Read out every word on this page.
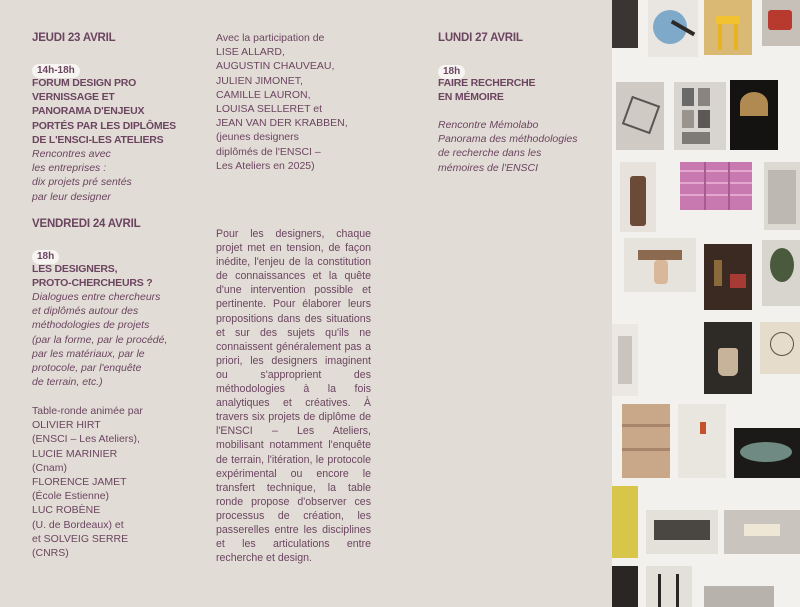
JEUDI 23 AVRIL
14h-18h
FORUM DESIGN PRO
VERNISSAGE ET
PANORAMA D'ENJEUX
PORTÉS PAR LES DIPLÔMES
DE L'ENSCI-LES ATELIERS
Rencontres avec
les entreprises :
dix projets pré sentés
par leur designer
VENDREDI 24 AVRIL
18h
LES DESIGNERS,
PROTO-CHERCHEURS ?
Dialogues entre chercheurs
et diplômés autour des
méthodologies de projets
(par la forme, par le procédé,
par les matériaux, par le
protocole, par l'enquête
de terrain, etc.)
Table-ronde animée par
OLIVIER HIRT
(ENSCI – Les Ateliers),
LUCIE MARINIER
(Cnam)
FLORENCE JAMET
(École Estienne)
LUC ROBÈNE
(U. de Bordeaux) et
et SOLVEIG SERRE
(CNRS)
Avec la participation de
LISE ALLARD,
AUGUSTIN CHAUVEAU,
JULIEN JIMONET,
CAMILLE LAURON,
LOUISA SELLERET et
JEAN VAN DER KRABBEN,
(jeunes designers
diplômés de l'ENSCI –
Les Ateliers en 2025)
Pour les designers, chaque projet met en tension, de façon inédite, l'enjeu de la constitution de connaissances et la quête d'une intervention possible et pertinente. Pour élaborer leurs propositions dans des situations et sur des sujets qu'ils ne connaissent généralement pas a priori, les designers imaginent ou s'approprient des méthodologies à la fois analytiques et créatives. À travers six projets de diplôme de l'ENSCI – Les Ateliers, mobilisant notamment l'enquête de terrain, l'itération, le protocole expérimental ou encore le transfert technique, la table ronde propose d'observer ces processus de création, les passerelles entre les disciplines et les articulations entre recherche et design.
LUNDI 27 AVRIL
18h
FAIRE RECHERCHE
EN MÉMOIRE
Rencontre Mémolabo
Panorama des méthodologies
de recherche dans les
mémoires de l'ENSCI
